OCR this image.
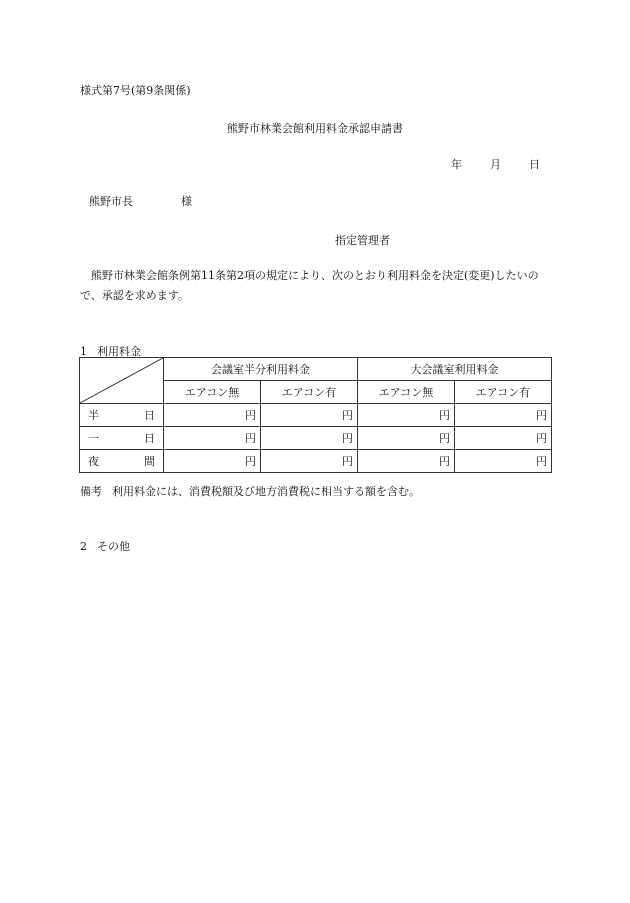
様式第7号(第9条関係)
熊野市林業会館利用料金承認申請書
年	月	日
熊野市長	様
指定管理者
熊野市林業会館条例第11条第2項の規定により、次のとおり利用料金を決定(変更)したいので、承認を求めます。
1 利用料金
	会議室半分利用料金		大会議室利用料金	
	エアコン無	エアコン有	エアコン無	エアコン有

半 日	円	円	円	円

一 日	円	円	円	円

夜 間	円	円	円	円
備考 利用料金には、消費税額及び地方消費税に相当する額を含む。
2 その他
